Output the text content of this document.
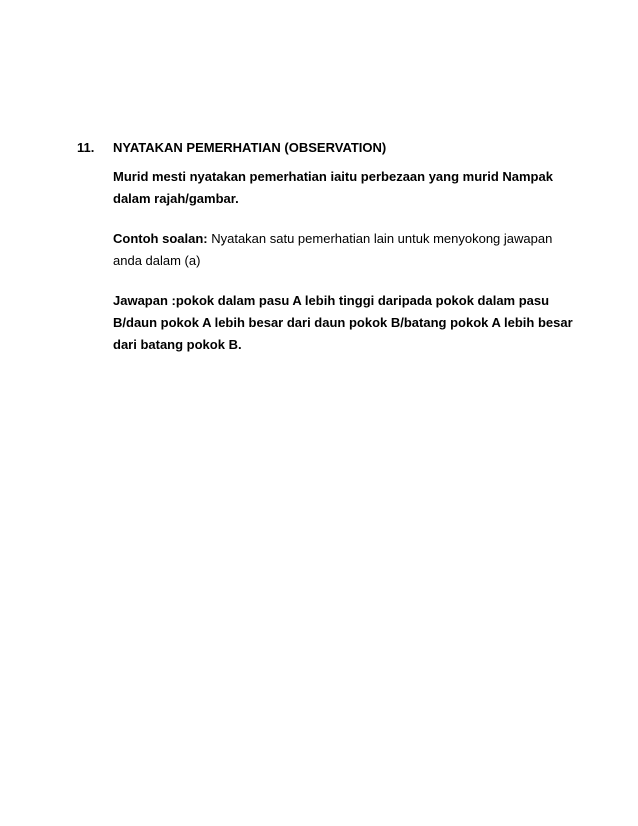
11. NYATAKAN PEMERHATIAN (OBSERVATION)

Murid mesti nyatakan pemerhatian iaitu perbezaan yang murid Nampak dalam rajah/gambar.

Contoh soalan: Nyatakan satu pemerhatian lain untuk menyokong jawapan anda dalam (a)

Jawapan :pokok dalam pasu A lebih tinggi daripada pokok dalam pasu B/daun pokok A lebih besar dari daun pokok B/batang pokok A lebih besar dari batang pokok B.
